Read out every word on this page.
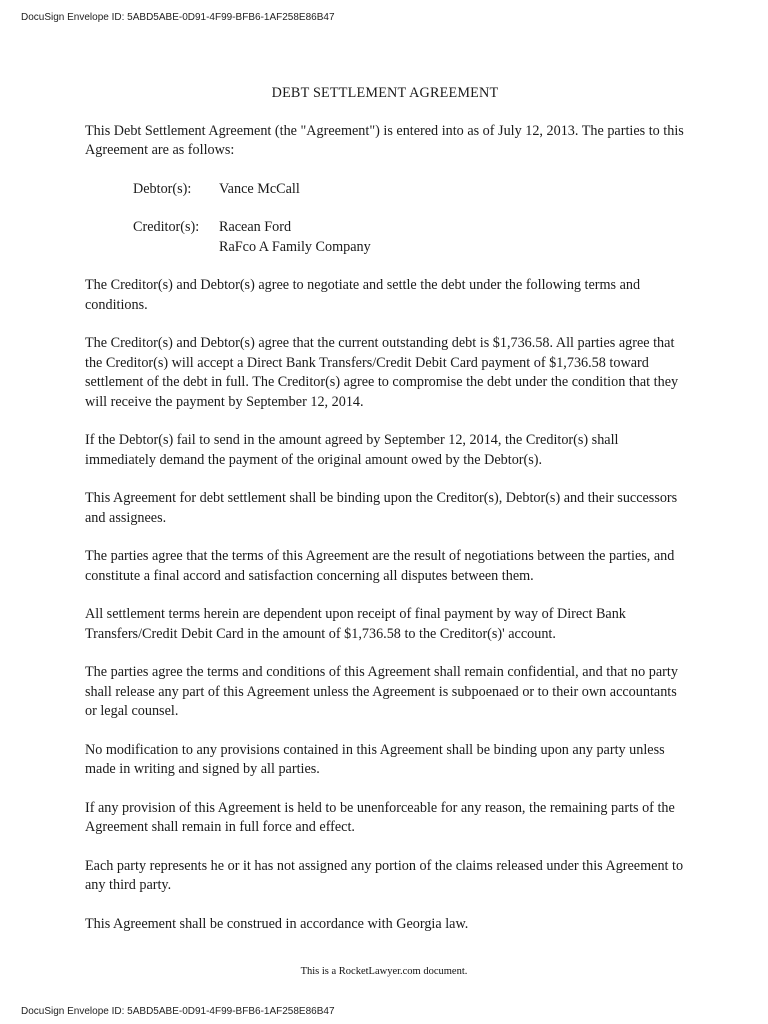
DocuSign Envelope ID: 5ABD5ABE-0D91-4F99-BFB6-1AF258E86B47
DEBT SETTLEMENT AGREEMENT

This Debt Settlement Agreement (the "Agreement") is entered into as of July 12, 2013. The parties to this Agreement are as follows:

Debtor(s):	Vance McCall
Creditor(s):	Racean Ford
RaFco A Family Company

The Creditor(s) and Debtor(s) agree to negotiate and settle the debt under the following terms and conditions.

The Creditor(s) and Debtor(s) agree that the current outstanding debt is $1,736.58. All parties agree that the Creditor(s) will accept a Direct Bank Transfers/Credit Debit Card payment of $1,736.58 toward settlement of the debt in full. The Creditor(s) agree to compromise the debt under the condition that they will receive the payment by September 12, 2014.

If the Debtor(s) fail to send in the amount agreed by September 12, 2014, the Creditor(s) shall immediately demand the payment of the original amount owed by the Debtor(s).

This Agreement for debt settlement shall be binding upon the Creditor(s), Debtor(s) and their successors and assignees.

The parties agree that the terms of this Agreement are the result of negotiations between the parties, and constitute a final accord and satisfaction concerning all disputes between them.

All settlement terms herein are dependent upon receipt of final payment by way of Direct Bank Transfers/Credit Debit Card in the amount of $1,736.58 to the Creditor(s)' account.

The parties agree the terms and conditions of this Agreement shall remain confidential, and that no party shall release any part of this Agreement unless the Agreement is subpoenaed or to their own accountants or legal counsel.

No modification to any provisions contained in this Agreement shall be binding upon any party unless made in writing and signed by all parties.

If any provision of this Agreement is held to be unenforceable for any reason, the remaining parts of the Agreement shall remain in full force and effect.

Each party represents he or it has not assigned any portion of the claims released under this Agreement to any third party.

This Agreement shall be construed in accordance with Georgia law.

This is a RocketLawyer.com document.
DocuSign Envelope ID: 5ABD5ABE-0D91-4F99-BFB6-1AF258E86B47
